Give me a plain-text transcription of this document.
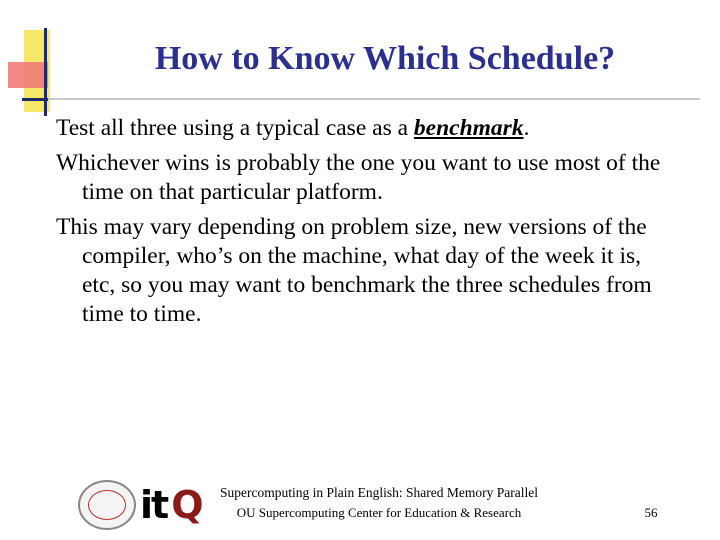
How to Know Which Schedule?
Test all three using a typical case as a benchmark.
Whichever wins is probably the one you want to use most of the time on that particular platform.
This may vary depending on problem size, new versions of the compiler, who’s on the machine, what day of the week it is, etc, so you may want to benchmark the three schedules from time to time.
it Q	Supercomputing in Plain English: Shared Memory Parallel
OU Supercomputing Center for Education & Research	56
